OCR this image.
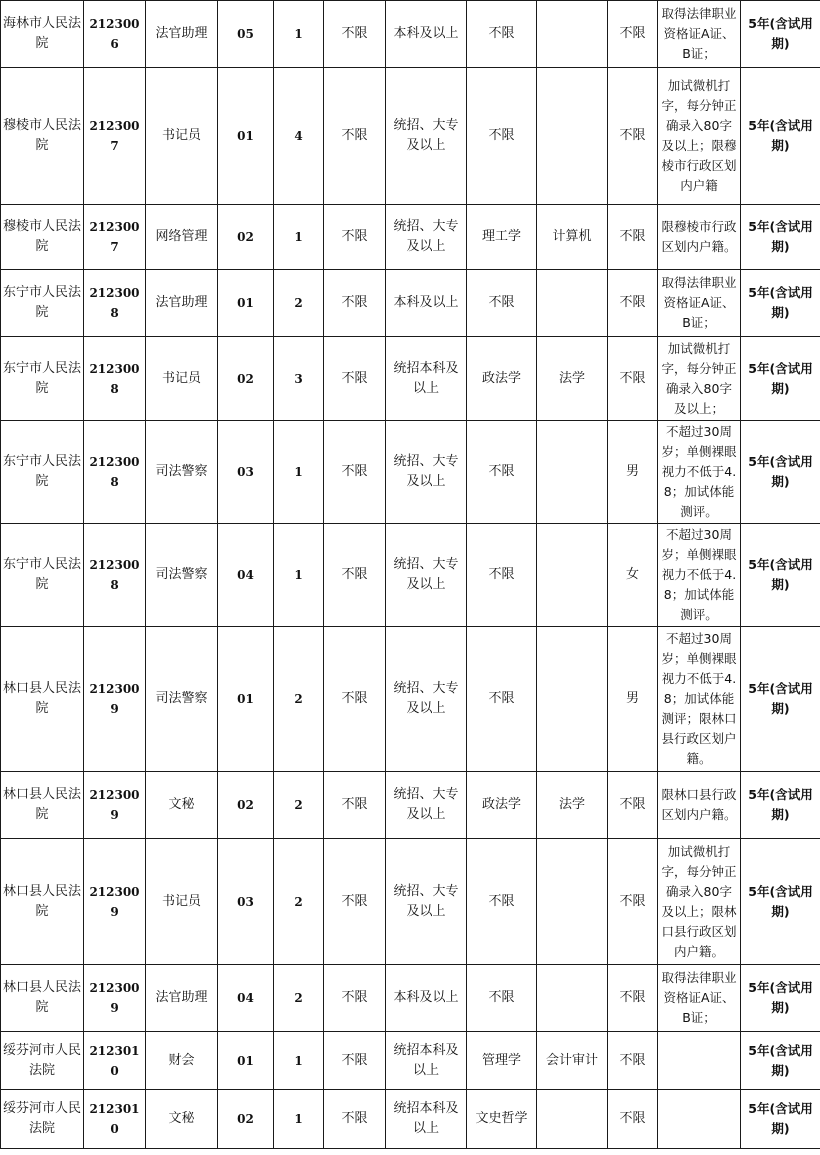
海林市人民法院	2123006	法官助理	05	1	不限	本科及以上	不限		不限	取得法律职业资格证A证、B证；	5年(含试用期)
穆棱市人民法院	2123007	书记员	01	4	不限	统招、大专及以上	不限		不限	加试微机打字，每分钟正确录入80字及以上；限穆棱市行政区划内户籍	5年(含试用期)
穆棱市人民法院	2123007	网络管理	02	1	不限	统招、大专及以上	理工学	计算机	不限	限穆棱市行政区划内户籍。	5年(含试用期)
东宁市人民法院	2123008	法官助理	01	2	不限	本科及以上	不限		不限	取得法律职业资格证A证、B证；	5年(含试用期)
东宁市人民法院	2123008	书记员	02	3	不限	统招本科及以上	政法学	法学	不限	加试微机打字，每分钟正确录入80字及以上；	5年(含试用期)
东宁市人民法院	2123008	司法警察	03	1	不限	统招、大专及以上	不限		男	不超过30周岁；单侧裸眼视力不低于4.8；加试体能测评。	5年(含试用期)
东宁市人民法院	2123008	司法警察	04	1	不限	统招、大专及以上	不限		女	不超过30周岁；单侧裸眼视力不低于4.8；加试体能测评。	5年(含试用期)
林口县人民法院	2123009	司法警察	01	2	不限	统招、大专及以上	不限		男	不超过30周岁；单侧裸眼视力不低于4.8；加试体能测评；限林口县行政区划户籍。	5年(含试用期)
林口县人民法院	2123009	文秘	02	2	不限	统招、大专及以上	政法学	法学	不限	限林口县行政区划内户籍。	5年(含试用期)
林口县人民法院	2123009	书记员	03	2	不限	统招、大专及以上	不限		不限	加试微机打字，每分钟正确录入80字及以上；限林口县行政区划内户籍。	5年(含试用期)
林口县人民法院	2123009	法官助理	04	2	不限	本科及以上	不限		不限	取得法律职业资格证A证、B证；	5年(含试用期)
绥芬河市人民法院	2123010	财会	01	1	不限	统招本科及以上	管理学	会计审计	不限		5年(含试用期)
绥芬河市人民法院	2123010	文秘	02	1	不限	统招本科及以上	文史哲学		不限		5年(含试用期)
